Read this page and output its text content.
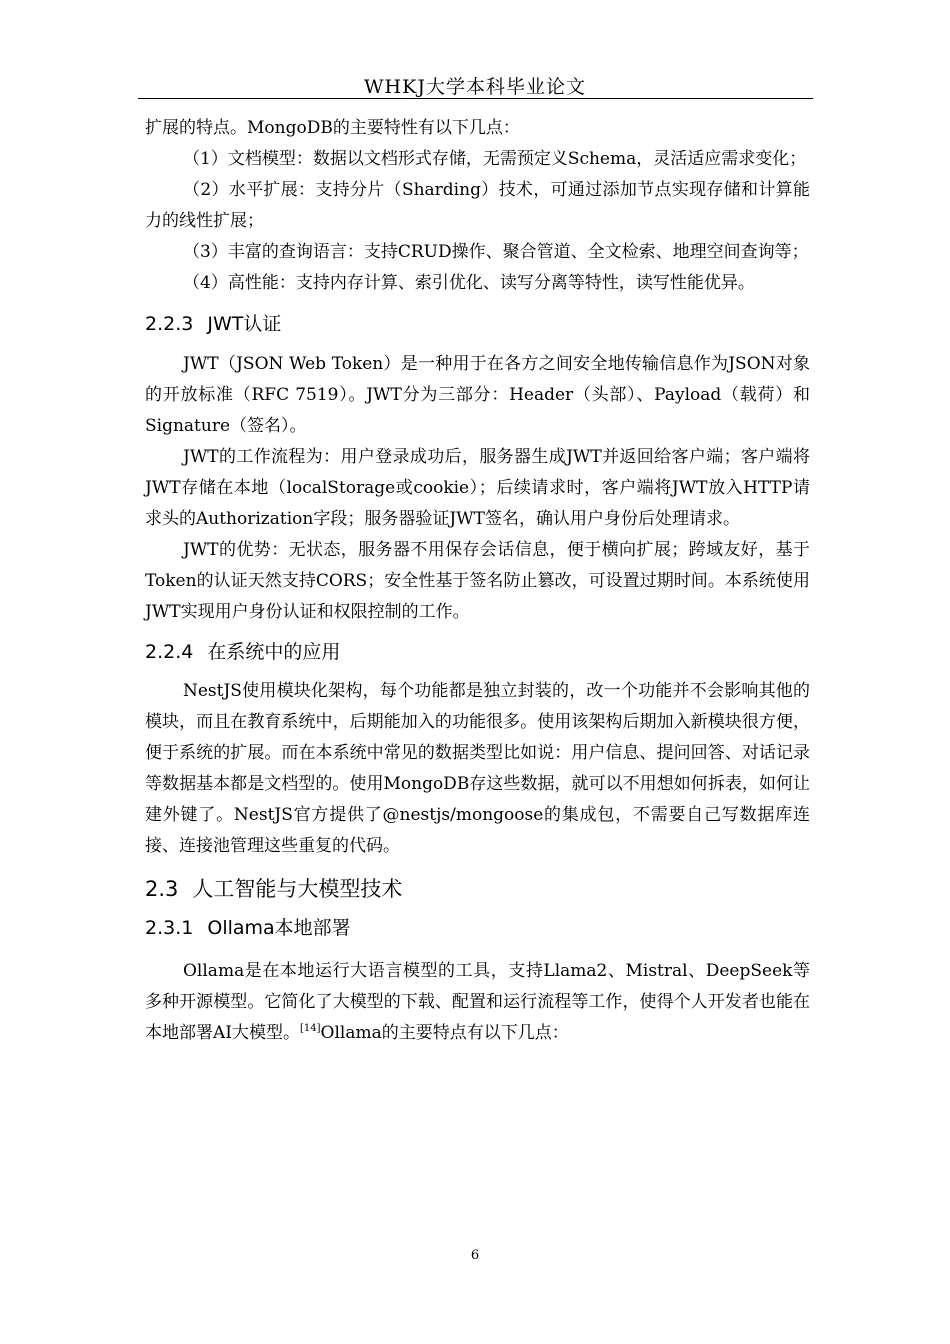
WHKJ大学本科毕业论文

扩展的特点。MongoDB的主要特性有以下几点：

（1）文档模型：数据以文档形式存储，无需预定义Schema，灵活适应需求变化；

（2）水平扩展：支持分片（Sharding）技术，可通过添加节点实现存储和计算能力的线性扩展；

（3）丰富的查询语言：支持CRUD操作、聚合管道、全文检索、地理空间查询等；

（4）高性能：支持内存计算、索引优化、读写分离等特性，读写性能优异。

2.2.3 JWT认证

JWT（JSON Web Token）是一种用于在各方之间安全地传输信息作为JSON对象的开放标准（RFC 7519）。JWT分为三部分：Header（头部）、Payload（载荷）和Signature（签名）。

JWT的工作流程为：用户登录成功后，服务器生成JWT并返回给客户端；客户端将JWT存储在本地（localStorage或cookie）；后续请求时，客户端将JWT放入HTTP请求头的Authorization字段；服务器验证JWT签名，确认用户身份后处理请求。

JWT的优势：无状态，服务器不用保存会话信息，便于横向扩展；跨域友好，基于Token的认证天然支持CORS；安全性基于签名防止篡改，可设置过期时间。本系统使用JWT实现用户身份认证和权限控制的工作。

2.2.4 在系统中的应用

NestJS使用模块化架构，每个功能都是独立封装的，改一个功能并不会影响其他的模块，而且在教育系统中，后期能加入的功能很多。使用该架构后期加入新模块很方便，便于系统的扩展。而在本系统中常见的数据类型比如说：用户信息、提问回答、对话记录等数据基本都是文档型的。使用MongoDB存这些数据，就可以不用想如何拆表，如何让建外键了。NestJS官方提供了@nestjs/mongoose的集成包，不需要自己写数据库连接、连接池管理这些重复的代码。

2.3 人工智能与大模型技术
2.3.1 Ollama本地部署

Ollama是在本地运行大语言模型的工具，支持Llama2、Mistral、DeepSeek等多种开源模型。它简化了大模型的下载、配置和运行流程等工作，使得个人开发者也能在本地部署AI大模型。[14]Ollama的主要特点有以下几点：

6
